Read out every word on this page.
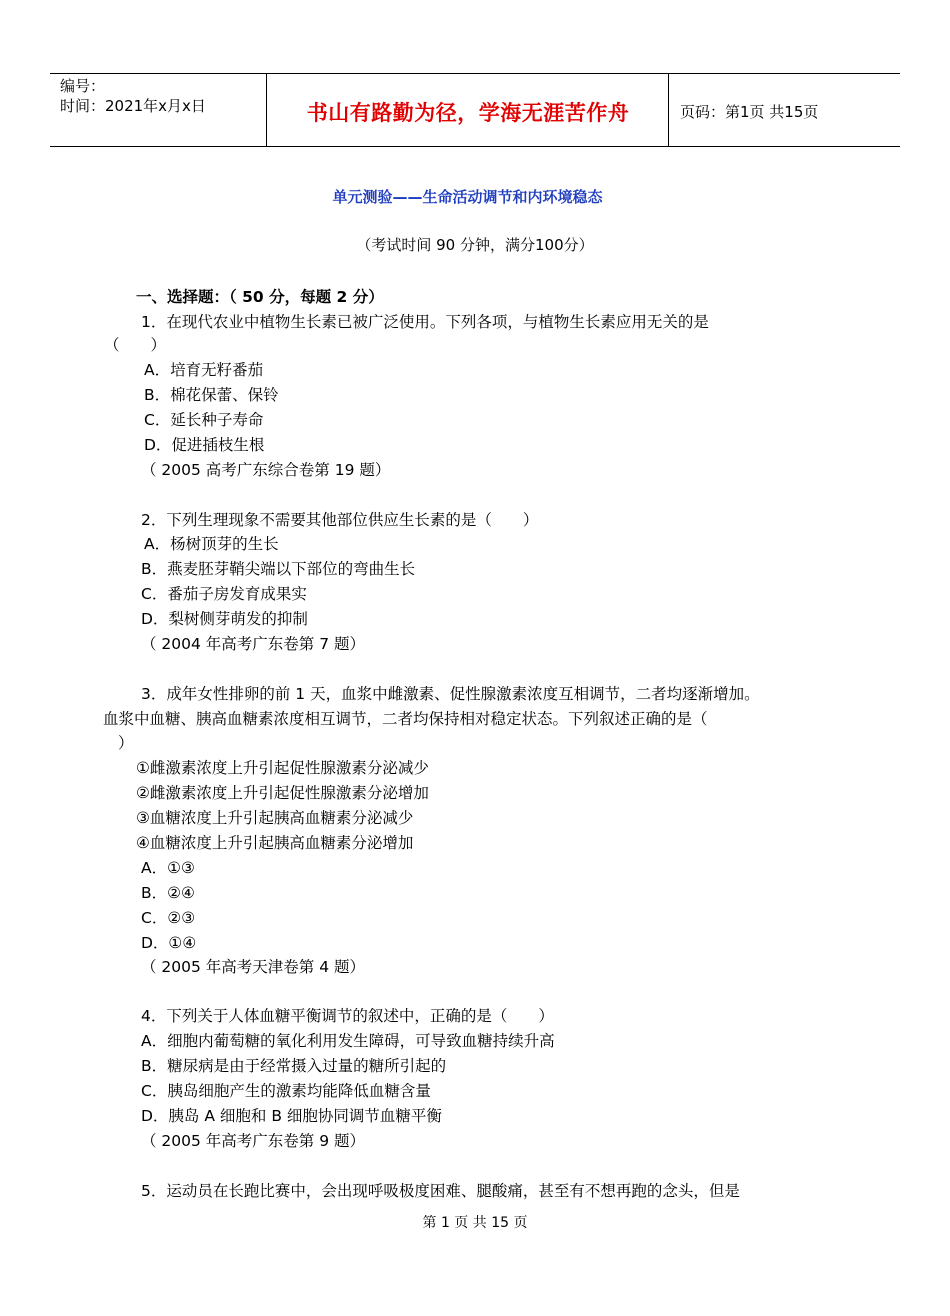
编号：
时间：2021年x月x日	书山有路勤为径，学海无涯苦作舟	页码：第1页 共15页
单元测验——生命活动调节和内环境稳态
（考试时间 90 分钟，满分100分）
一、选择题：（ 50 分，每题 2 分）
1．在现代农业中植物生长素已被广泛使用。下列各项，与植物生长素应用无关的是
（　　）
A．培育无籽番茄
B．棉花保蕾、保铃
C．延长种子寿命
D．促进插枝生根
（ 2005 高考广东综合卷第 19 题）
2．下列生理现象不需要其他部位供应生长素的是（　　）
A．杨树顶芽的生长
B．燕麦胚芽鞘尖端以下部位的弯曲生长
C．番茄子房发育成果实
D．梨树侧芽萌发的抑制
（ 2004 年高考广东卷第 7 题）
3．成年女性排卵的前 1 天，血浆中雌激素、促性腺激素浓度互相调节，二者均逐渐增加。
血浆中血糖、胰高血糖素浓度相互调节，二者均保持相对稳定状态。下列叙述正确的是（
）
①雌激素浓度上升引起促性腺激素分泌减少
②雌激素浓度上升引起促性腺激素分泌增加
③血糖浓度上升引起胰高血糖素分泌减少
④血糖浓度上升引起胰高血糖素分泌增加
A．①③
B．②④
C．②③
D．①④
（ 2005 年高考天津卷第 4 题）
4．下列关于人体血糖平衡调节的叙述中，正确的是（　　）
A．细胞内葡萄糖的氧化利用发生障碍，可导致血糖持续升高
B．糖尿病是由于经常摄入过量的糖所引起的
C．胰岛细胞产生的激素均能降低血糖含量
D．胰岛 A 细胞和 B 细胞协同调节血糖平衡
（ 2005 年高考广东卷第 9 题）
5．运动员在长跑比赛中，会出现呼吸极度困难、腿酸痛，甚至有不想再跑的念头，但是
第 1 页 共 15 页
